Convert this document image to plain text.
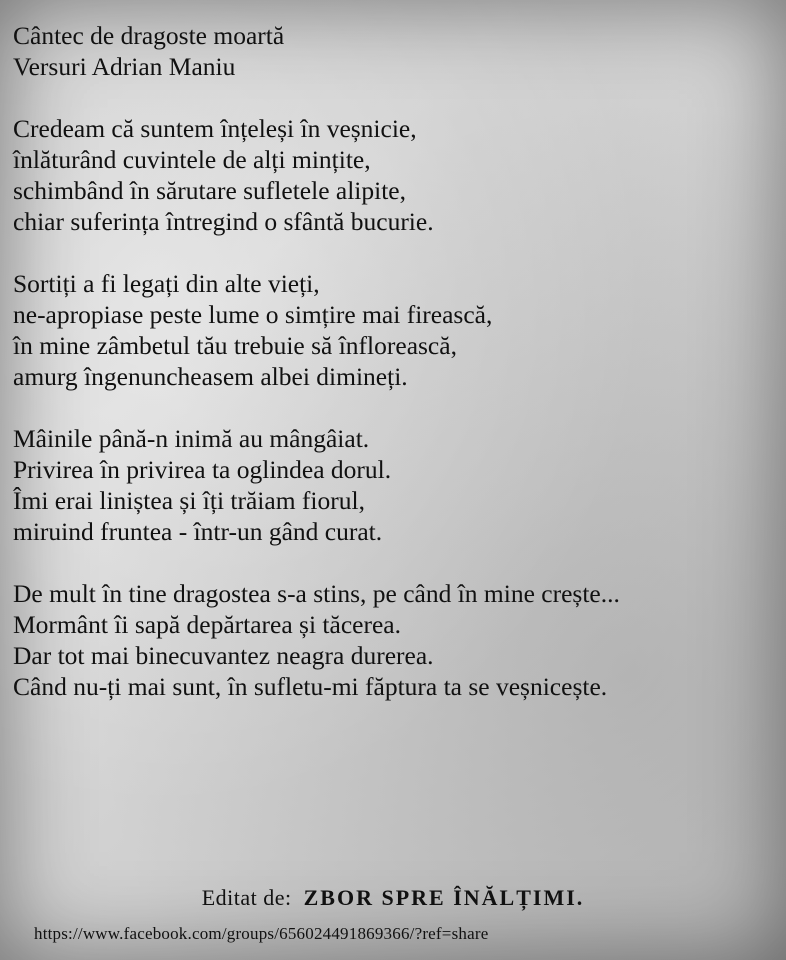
Cântec de dragoste moartă
Versuri Adrian Maniu
Credeam că suntem înțeleși în veșnicie,
înlăturând cuvintele de alți mințite,
schimbând în sărutare sufletele alipite,
chiar suferința întregind o sfântă bucurie.
Sortiți a fi legați din alte vieți,
ne-apropiase peste lume o simțire mai firească,
în mine zâmbetul tău trebuie să înflorească,
amurg îngenuncheasem albei dimineți.
Mâinile până-n inimă au mângâiat.
Privirea în privirea ta oglindea dorul.
Îmi erai liniștea și îți trăiam fiorul,
miruind fruntea - într-un gând curat.
De mult în tine dragostea s-a stins, pe când în mine crește...
Mormânt îi sapă depărtarea și tăcerea.
Dar tot mai binecuvantez neagra durerea.
Când nu-ți mai sunt, în sufletu-mi făptura ta se veșnicește.
Editat de: ZBOR SPRE ÎNĂLȚIMI.
https://www.facebook.com/groups/656024491869366/?ref=share
